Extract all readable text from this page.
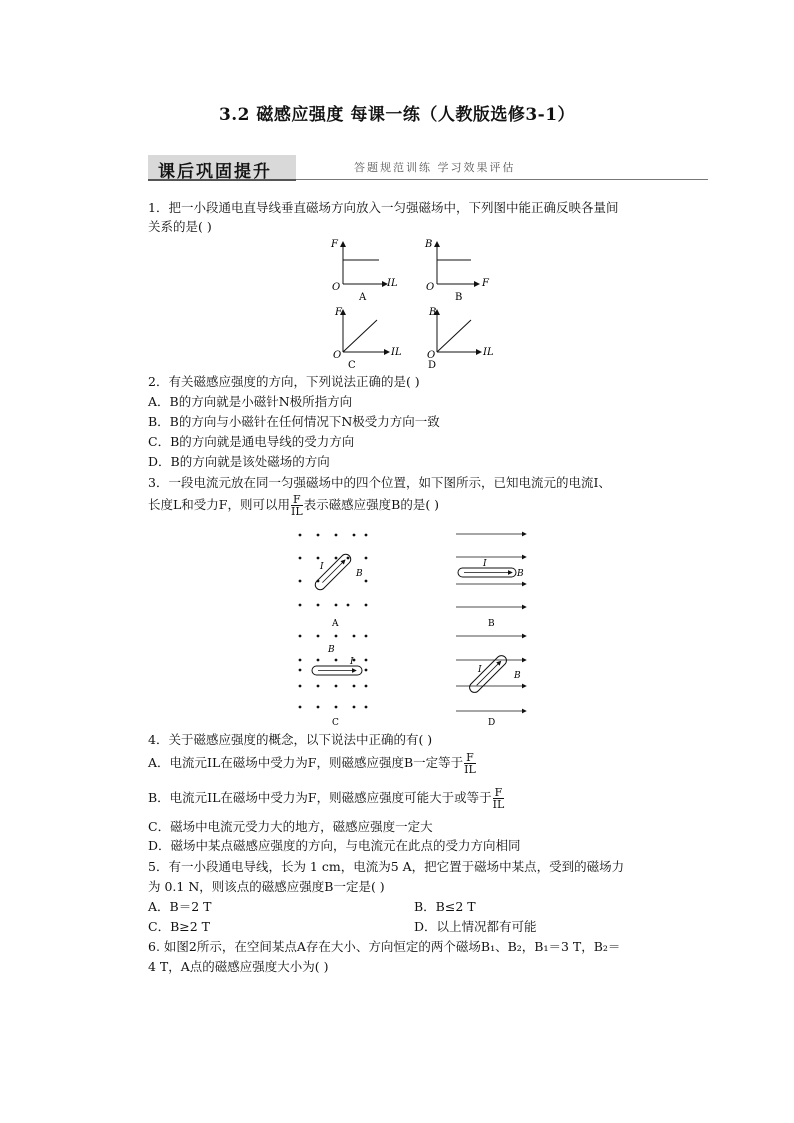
3.2 磁感应强度 每课一练（人教版选修3-1）
课后巩固提升	答题规范训练 学习效果评估
1．把一小段通电直导线垂直磁场方向放入一匀强磁场中，下列图中能正确反映各量间
关系的是( )
F
IL
O
A
B
F
O
B
F
IL
O
C
B
IL
O
D
2．有关磁感应强度的方向，下列说法正确的是( )
A．B的方向就是小磁针N极所指方向
B．B的方向与小磁针在任何情况下N极受力方向一致
C．B的方向就是通电导线的受力方向
D．B的方向就是该处磁场的方向
3．一段电流元放在同一匀强磁场中的四个位置，如下图所示，已知电流元的电流I、
长度L和受力F，则可以用 $\frac{F}{IL}$ 表示磁感应强度B的是( )
I
B
A
I
B
B
B
I
C
I
B
D
4．关于磁感应强度的概念，以下说法中正确的有( )
A．电流元IL在磁场中受力为F，则磁感应强度B一定等于 $\frac{F}{IL}$
B．电流元IL在磁场中受力为F，则磁感应强度可能大于或等于 $\frac{F}{IL}$
C．磁场中电流元受力大的地方，磁感应强度一定大
D．磁场中某点磁感应强度的方向，与电流元在此点的受力方向相同
5．有一小段通电导线，长为 1 cm，电流为5 A，把它置于磁场中某点，受到的磁场力
为 0.1 N，则该点的磁感应强度B一定是( )
A．B＝2 T	B．B≤2 T
C．B≥2 T	D．以上情况都有可能
6. 如图2所示，在空间某点A存在大小、方向恒定的两个磁场B₁、B₂，B₁＝3 T，B₂＝
4 T，A点的磁感应强度大小为( )
